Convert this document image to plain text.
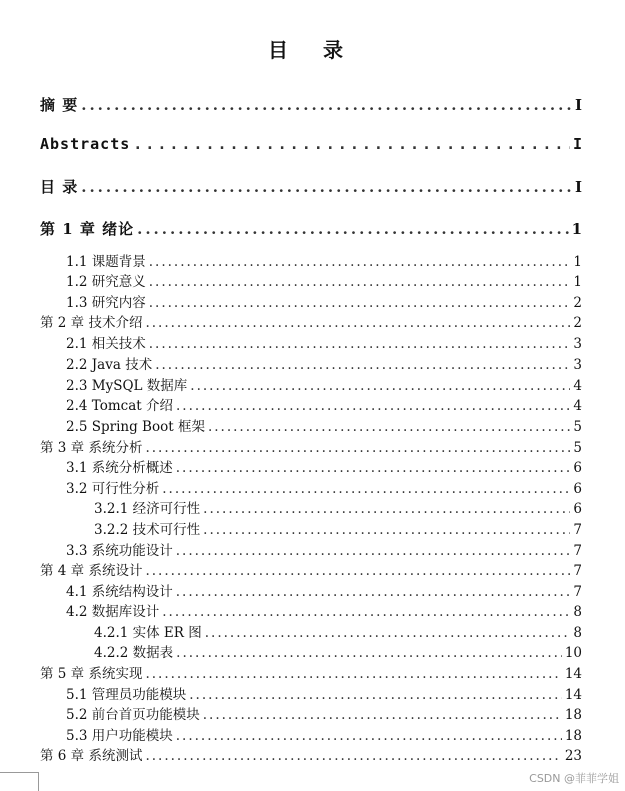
目 录
摘 要 .....	I
Abstracts .....	I
目 录 .....	I
第 1 章 绪论 .....	1
1.1 课题背景 .....	1
1.2 研究意义 .....	1
1.3 研究内容 .....	2
第 2 章 技术介绍 .....	2
2.1 相关技术 .....	3
2.2 Java 技术 .....	3
2.3 MySQL 数据库 .....	4
2.4 Tomcat 介绍 .....	4
2.5 Spring Boot 框架 .....	5
第 3 章 系统分析 .....	5
3.1 系统分析概述 .....	6
3.2 可行性分析 .....	6
3.2.1 经济可行性 .....	6
3.2.2 技术可行性 .....	7
3.3 系统功能设计 .....	7
第 4 章 系统设计 .....	7
4.1 系统结构设计 .....	7
4.2 数据库设计 .....	8
4.2.1 实体 ER 图 .....	8
4.2.2 数据表 .....	10
第 5 章 系统实现 .....	14
5.1 管理员功能模块 .....	14
5.2 前台首页功能模块 .....	18
5.3 用户功能模块 .....	18
第 6 章 系统测试 .....	23
CSDN @菲菲学姐
